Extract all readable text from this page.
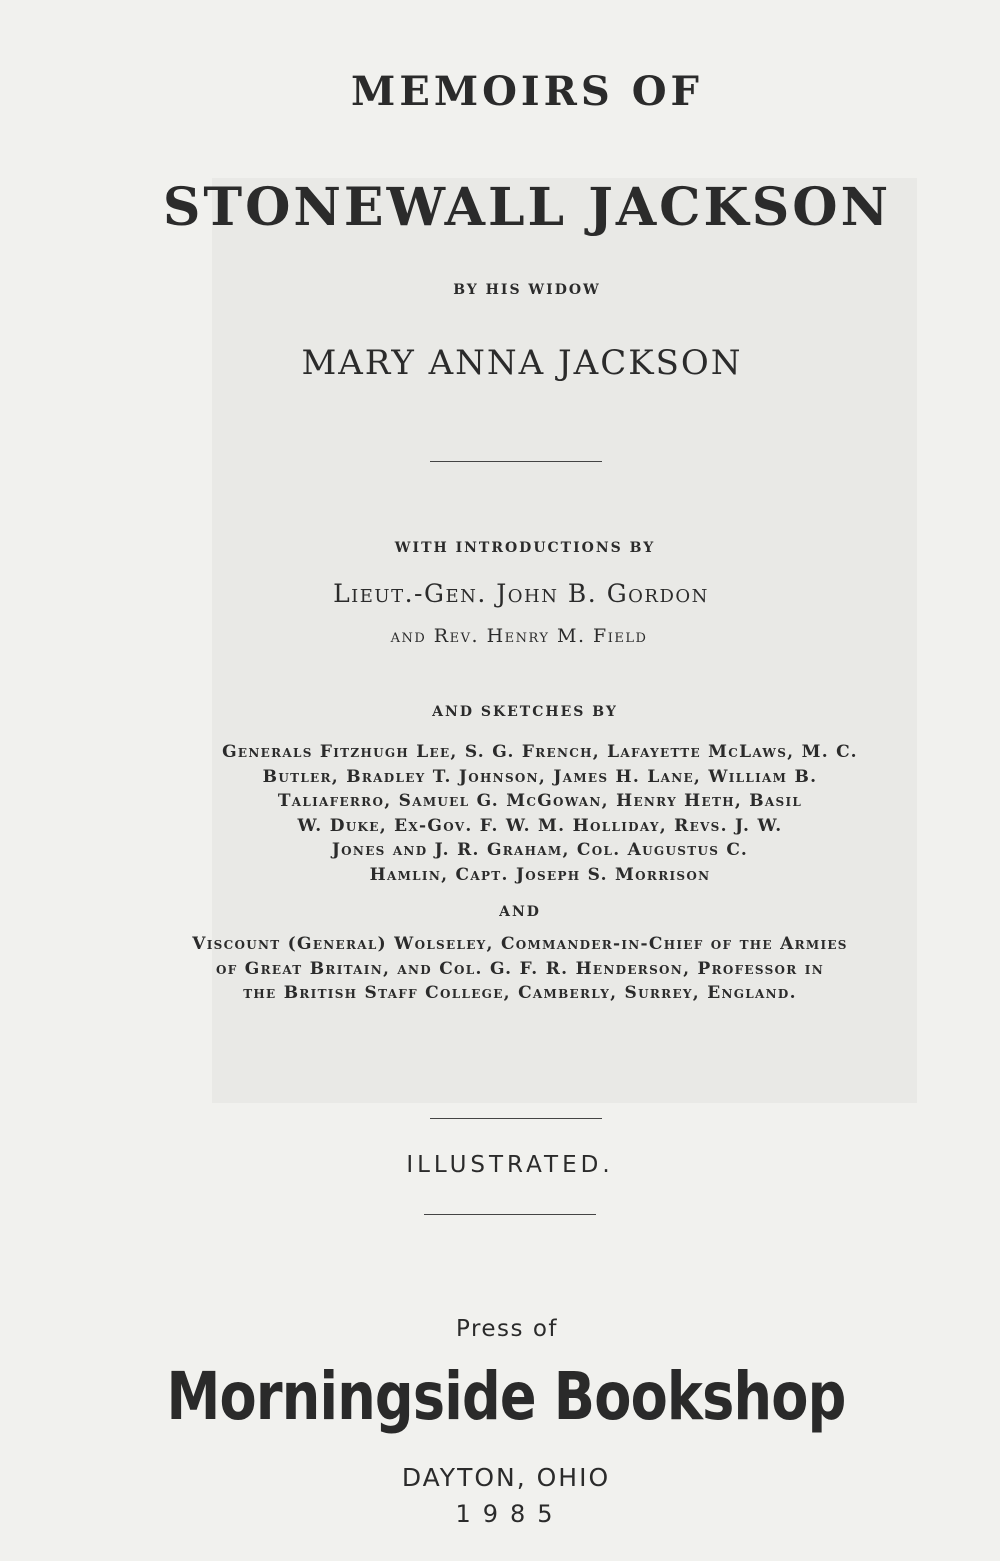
MEMOIRS OF
STONEWALL JACKSON
BY HIS WIDOW
MARY ANNA JACKSON
WITH INTRODUCTIONS BY
Lieut.-Gen. John B. Gordon
and Rev. Henry M. Field
AND SKETCHES BY
Generals Fitzhugh Lee, S. G. French, Lafayette McLaws, M. C.
Butler, Bradley T. Johnson, James H. Lane, William B.
Taliaferro, Samuel G. McGowan, Henry Heth, Basil
W. Duke, Ex-Gov. F. W. M. Holliday, Revs. J. W.
Jones and J. R. Graham, Col. Augustus C.
Hamlin, Capt. Joseph S. Morrison
AND
Viscount (General) Wolseley, Commander-in-Chief of the Armies
of Great Britain, and Col. G. F. R. Henderson, Professor in
the British Staff College, Camberly, Surrey, England.
ILLUSTRATED.
Press of
Morningside Bookshop
DAYTON, OHIO
1985
